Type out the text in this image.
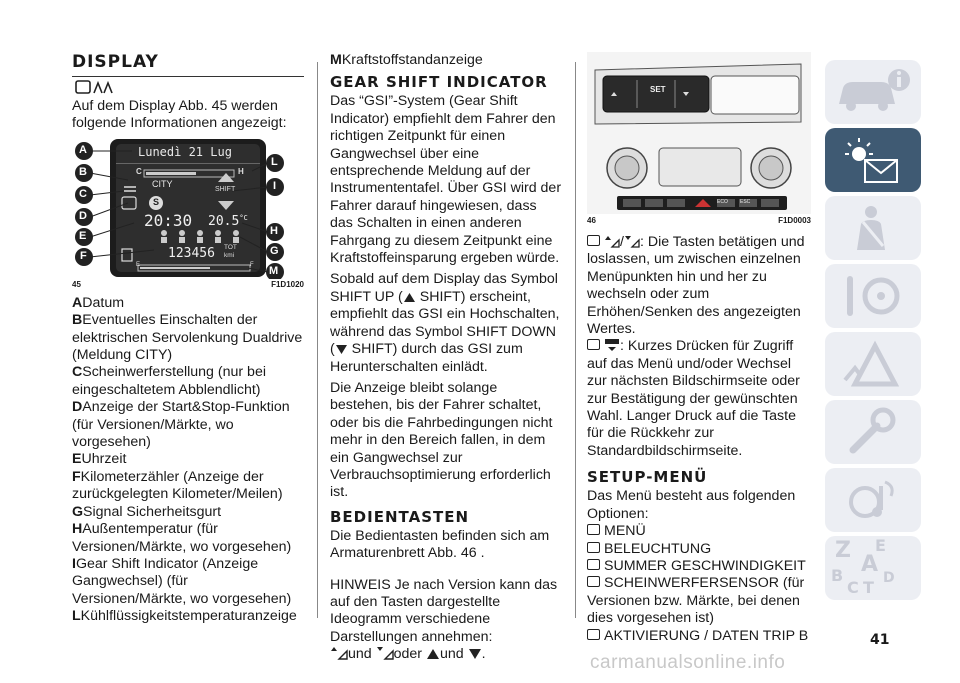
DISPLAY

Auf dem Display Abb. 45 werden folgende Informationen angezeigt:

Lunedì 21 Lug
C	H
CITY
S
SHIFT
20:30 $20.5^{^\circ C}$
123456 TOT
kmi
E	F
A
B
C
D
E
F
L
I
H
G
M
45	F1D1020

ADatum

BEventuelles Einschalten der elektrischen Servolenkung Dualdrive (Meldung CITY)

CScheinwerferstellung (nur bei eingeschaltetem Abblendlicht)

DAnzeige der Start&Stop-Funktion (für Versionen/Märkte, wo vorgesehen)

EUhrzeit

FKilometerzähler (Anzeige der zurückgelegten Kilometer/Meilen)

GSignal Sicherheitsgurt

HAußentemperatur (für Versionen/Märkte, wo vorgesehen)

IGear Shift Indicator (Anzeige Gangwechsel) (für Versionen/Märkte, wo vorgesehen)

LKühlflüssigkeitstemperaturanzeige

MKraftstoffstandanzeige

GEAR SHIFT INDICATOR

Das “GSI”-System (Gear Shift Indicator) empfiehlt dem Fahrer den richtigen Zeitpunkt für einen Gangwechsel über eine entsprechende Meldung auf der Instrumententafel. Über GSI wird der Fahrer darauf hingewiesen, dass das Schalten in einen anderen Fahrgang zu diesem Zeitpunkt eine Kraftstoffeinsparung ergeben würde.

Sobald auf dem Display das Symbol SHIFT UP ( SHIFT) erscheint, empfiehlt das GSI ein Hochschalten, während das Symbol SHIFT DOWN ( SHIFT) durch das GSI zum Herunterschalten einlädt.

Die Anzeige bleibt solange bestehen, bis der Fahrer schaltet, oder bis die Fahrbedingungen nicht mehr in den Bereich fallen, in dem ein Gangwechsel zur Verbrauchsoptimierung erforderlich ist.

BEDIENTASTEN

Die Bedientasten befinden sich am Armaturenbrett Abb. 46 .

HINWEIS Je nach Version kann das auf den Tasten dargestellte Ideogramm verschiedene Darstellungen annehmen:

und oder und .

SET
ECO ESC
46	F1D0003

/ : Die Tasten betätigen und loslassen, um zwischen einzelnen Menüpunkten hin und her zu wechseln oder zum Erhöhen/Senken des angezeigten Wertes.

: Kurzes Drücken für Zugriff auf das Menü und/oder Wechsel zur nächsten Bildschirmseite oder zur Bestätigung der gewünschten Wahl. Langer Druck auf die Taste für die Rückkehr zur Standardbildschirmseite.

SETUP-MENÜ

Das Menü besteht aus folgenden Optionen:

MENÜ

BELEUCHTUNG

SUMMER GESCHWINDIGKEIT

SCHEINWERFERSENSOR (für Versionen bzw. Märkte, bei denen dies vorgesehen ist)

AKTIVIERUNG / DATEN TRIP B

Z E
A
B
C T D
41
carmanualsonline.info
